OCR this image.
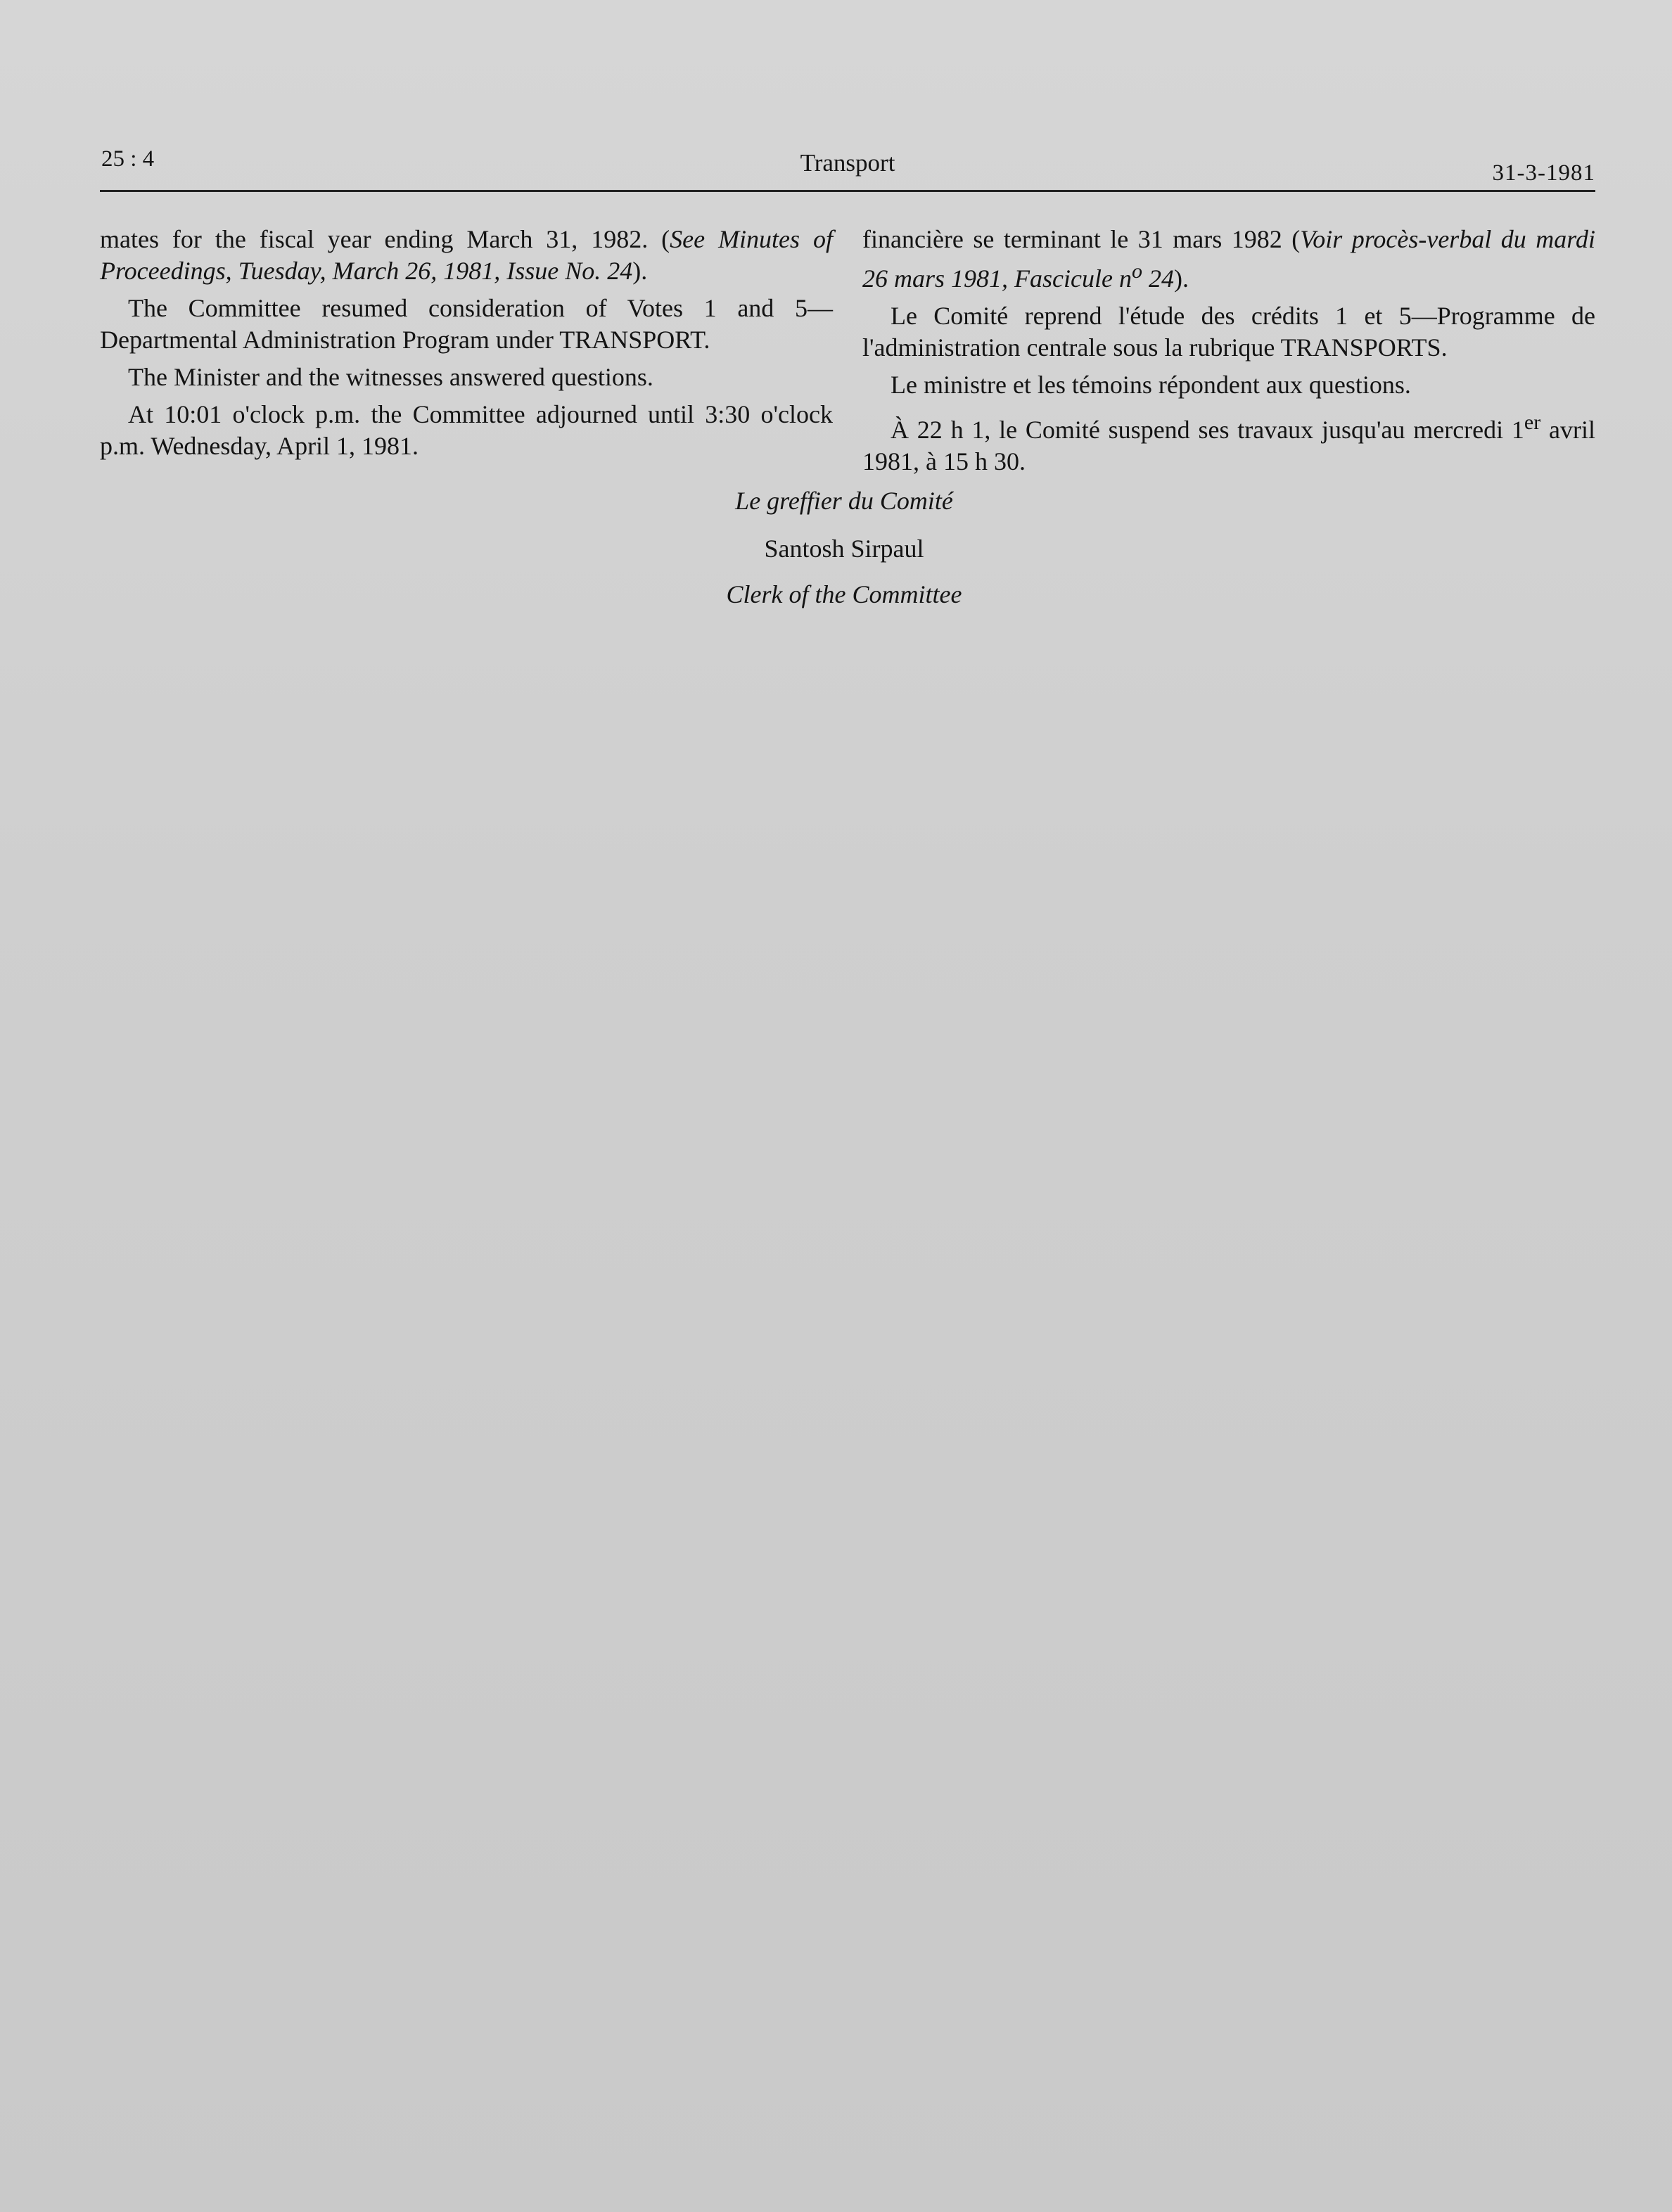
25 : 4	Transport	31-3-1981

mates for the fiscal year ending March 31, 1982. (See Minutes of Proceedings, Tuesday, March 26, 1981, Issue No. 24).

The Committee resumed consideration of Votes 1 and 5—Departmental Administration Program under TRANSPORT.

The Minister and the witnesses answered questions.

At 10:01 o'clock p.m. the Committee adjourned until 3:30 o'clock p.m. Wednesday, April 1, 1981.

financière se terminant le 31 mars 1982 (Voir procès-verbal du mardi 26 mars 1981, Fascicule $n^o$ 24).

Le Comité reprend l'étude des crédits 1 et 5—Programme de l'administration centrale sous la rubrique TRANSPORTS.

Le ministre et les témoins répondent aux questions.

À 22 h 1, le Comité suspend ses travaux jusqu'au mercredi 1er avril 1981, à 15 h 30.

Le greffier du Comité
Santosh Sirpaul
Clerk of the Committee
